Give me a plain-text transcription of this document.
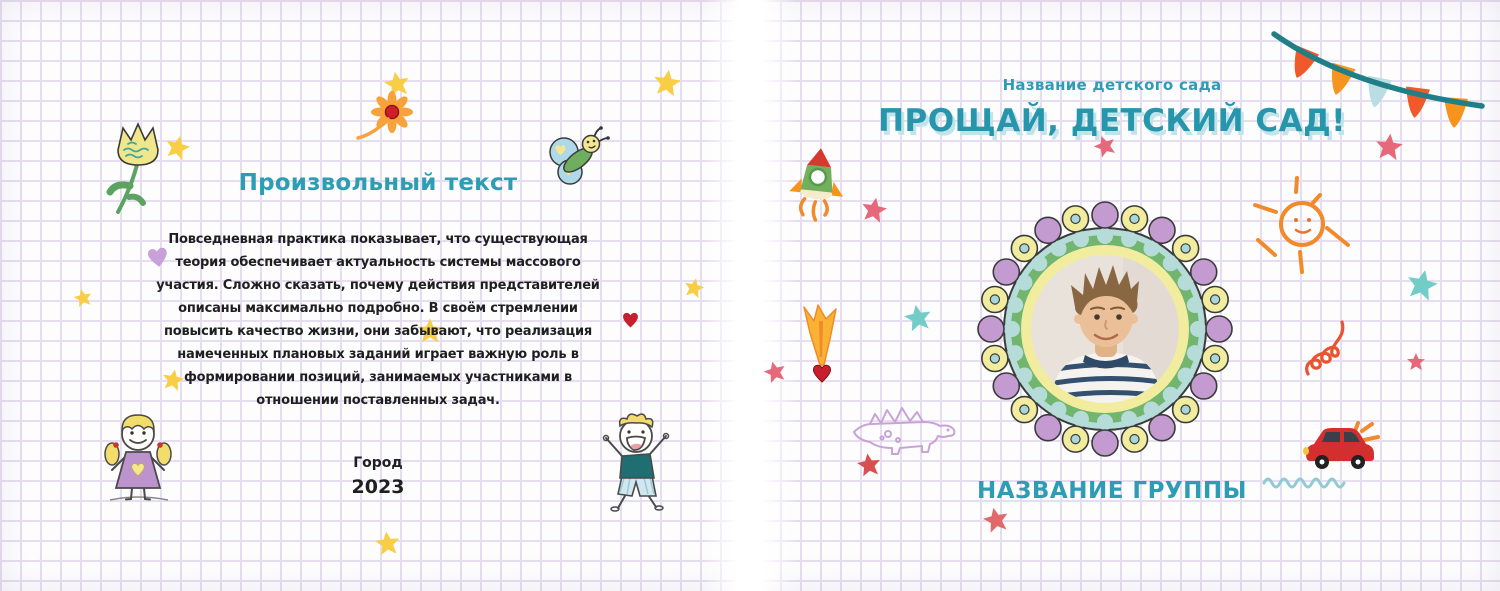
Произвольный текст
Повседневная практика показывает, что существующая
теория обеспечивает актуальность системы массового
участия. Сложно сказать, почему действия представителей
описаны максимально подробно. В своём стремлении
повысить качество жизни, они забывают, что реализация
намеченных плановых заданий играет важную роль в
формировании позиций, занимаемых участниками в
отношении поставленных задач.
Город
2023
Название детского сада
ПРОЩАЙ, ДЕТСКИЙ САД!
НАЗВАНИЕ ГРУППЫ
